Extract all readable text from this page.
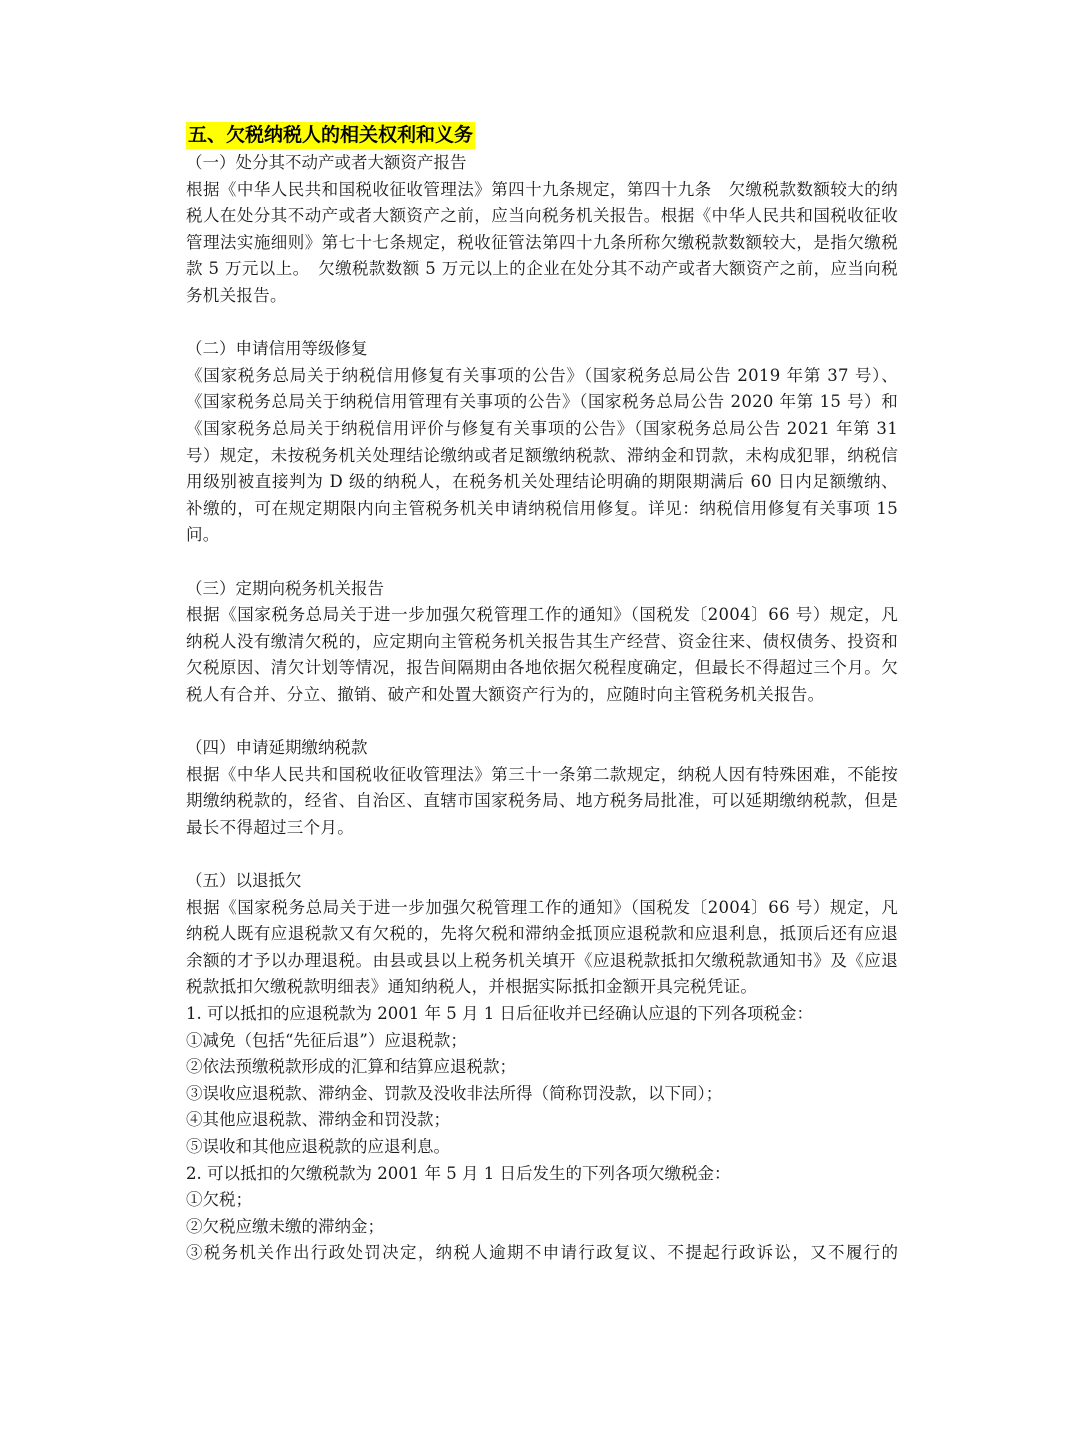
五、欠税纳税人的相关权利和义务
（一）处分其不动产或者大额资产报告
根据《中华人民共和国税收征收管理法》第四十九条规定，第四十九条　欠缴税款数额较大的纳税人在处分其不动产或者大额资产之前，应当向税务机关报告。根据《中华人民共和国税收征收管理法实施细则》第七十七条规定，税收征管法第四十九条所称欠缴税款数额较大，是指欠缴税款 5 万元以上。　欠缴税款数额 5 万元以上的企业在处分其不动产或者大额资产之前，应当向税务机关报告。
（二）申请信用等级修复
《国家税务总局关于纳税信用修复有关事项的公告》（国家税务总局公告 2019 年第 37 号）、《国家税务总局关于纳税信用管理有关事项的公告》（国家税务总局公告 2020 年第 15 号）和《国家税务总局关于纳税信用评价与修复有关事项的公告》（国家税务总局公告 2021 年第 31 号）规定，未按税务机关处理结论缴纳或者足额缴纳税款、滞纳金和罚款，未构成犯罪，纳税信用级别被直接判为 D 级的纳税人，在税务机关处理结论明确的期限期满后 60 日内足额缴纳、补缴的，可在规定期限内向主管税务机关申请纳税信用修复。详见：纳税信用修复有关事项 15 问。
（三）定期向税务机关报告
根据《国家税务总局关于进一步加强欠税管理工作的通知》（国税发〔2004〕66 号）规定，凡纳税人没有缴清欠税的，应定期向主管税务机关报告其生产经营、资金往来、债权债务、投资和欠税原因、清欠计划等情况，报告间隔期由各地依据欠税程度确定，但最长不得超过三个月。欠税人有合并、分立、撤销、破产和处置大额资产行为的，应随时向主管税务机关报告。
（四）申请延期缴纳税款
根据《中华人民共和国税收征收管理法》第三十一条第二款规定，纳税人因有特殊困难，不能按期缴纳税款的，经省、自治区、直辖市国家税务局、地方税务局批准，可以延期缴纳税款，但是最长不得超过三个月。
（五）以退抵欠
根据《国家税务总局关于进一步加强欠税管理工作的通知》（国税发〔2004〕66 号）规定，凡纳税人既有应退税款又有欠税的，先将欠税和滞纳金抵顶应退税款和应退利息，抵顶后还有应退余额的才予以办理退税。由县或县以上税务机关填开《应退税款抵扣欠缴税款通知书》及《应退税款抵扣欠缴税款明细表》通知纳税人，并根据实际抵扣金额开具完税凭证。
1. 可以抵扣的应退税款为 2001 年 5 月 1 日后征收并已经确认应退的下列各项税金：
①减免（包括“先征后退”）应退税款；
②依法预缴税款形成的汇算和结算应退税款；
③误收应退税款、滞纳金、罚款及没收非法所得（简称罚没款，以下同）；
④其他应退税款、滞纳金和罚没款；
⑤误收和其他应退税款的应退利息。
2. 可以抵扣的欠缴税款为 2001 年 5 月 1 日后发生的下列各项欠缴税金：
①欠税；
②欠税应缴未缴的滞纳金；
③税务机关作出行政处罚决定，纳税人逾期不申请行政复议、不提起行政诉讼，又不履行的
